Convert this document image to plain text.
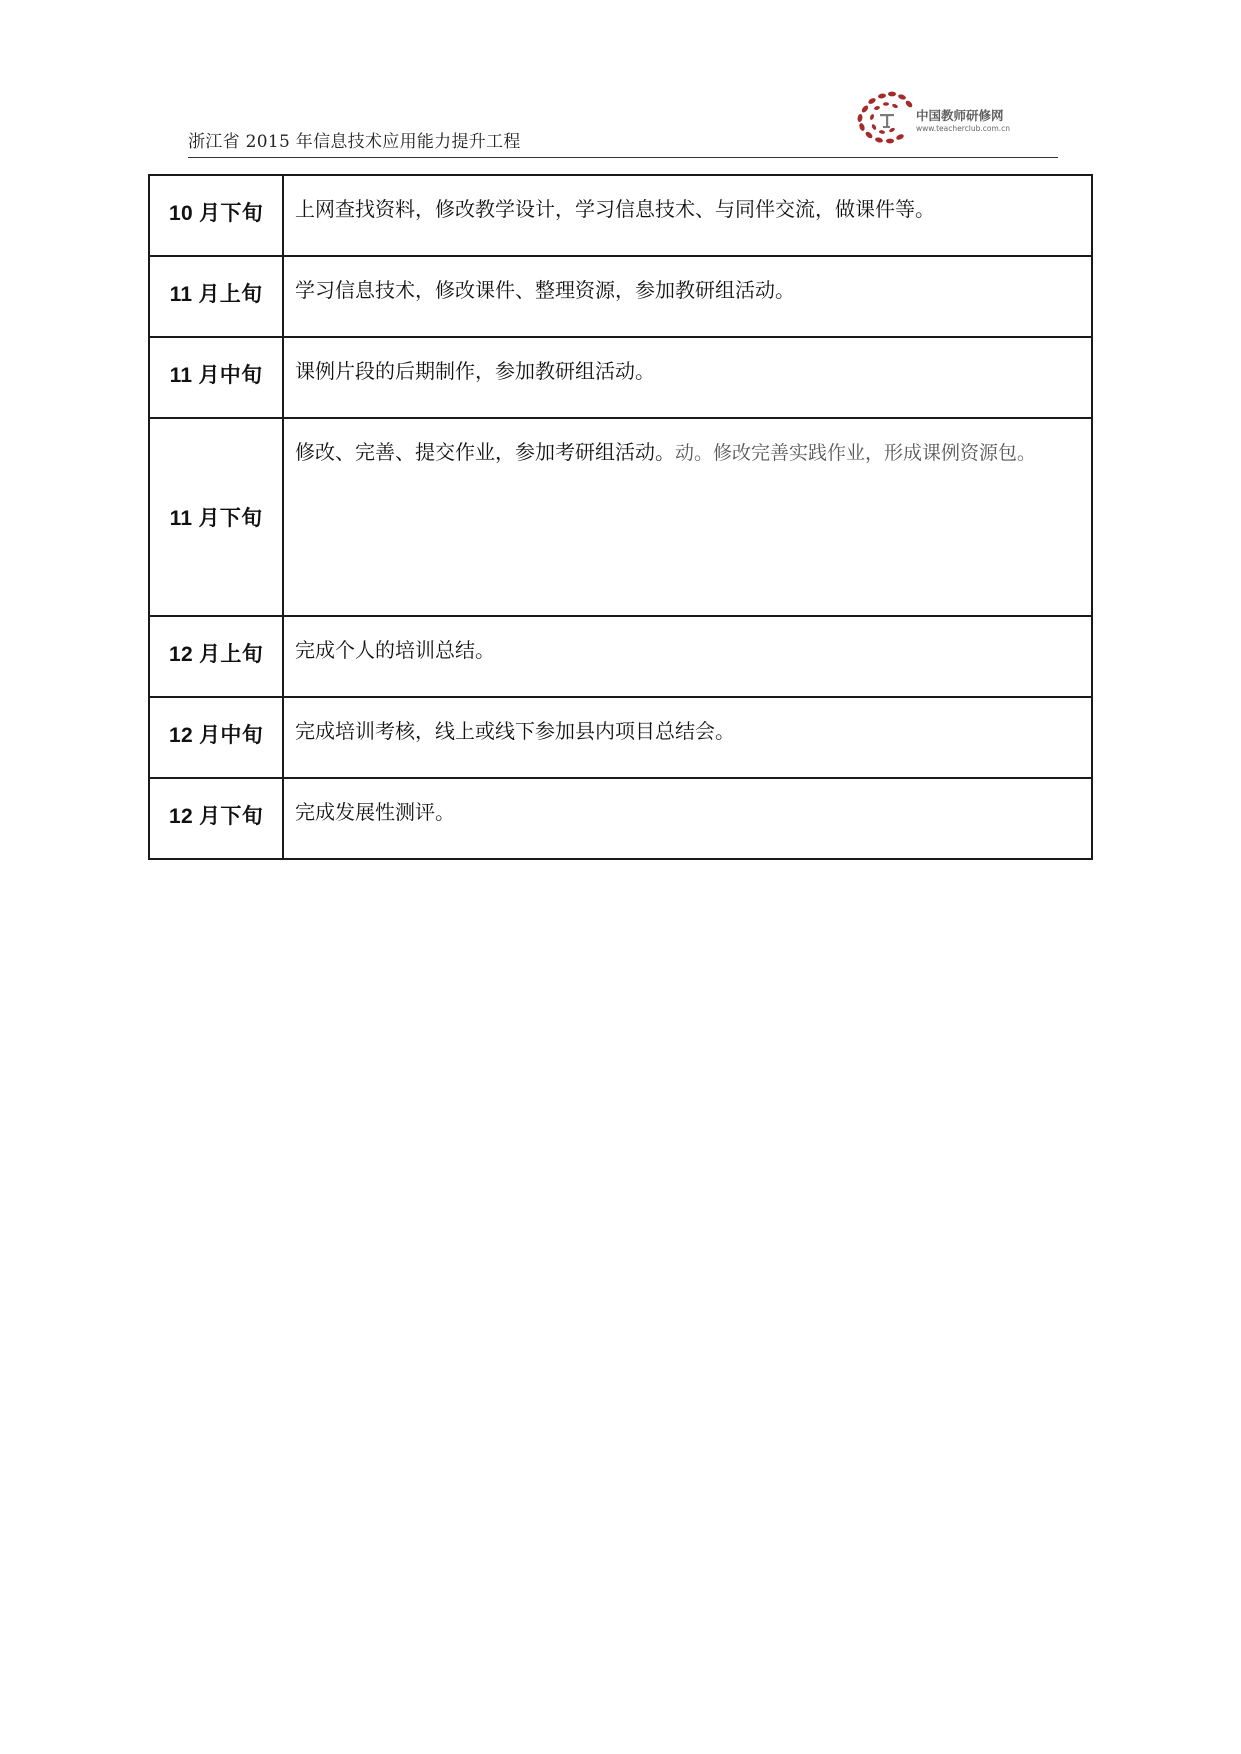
浙江省 2015 年信息技术应用能力提升工程
中国教师研修网
www.teacherclub.com.cn
10 月下旬	上网查找资料，修改教学设计，学习信息技术、与同伴交流，做课件等。
11 月上旬	学习信息技术，修改课件、整理资源，参加教研组活动。
11 月中旬	课例片段的后期制作，参加教研组活动。
11 月下旬	修改、完善、提交作业，参加考研组活动。动。修改完善实践作业，形成课例资源包。
12 月上旬	完成个人的培训总结。
12 月中旬	完成培训考核，线上或线下参加县内项目总结会。
12 月下旬	完成发展性测评。
